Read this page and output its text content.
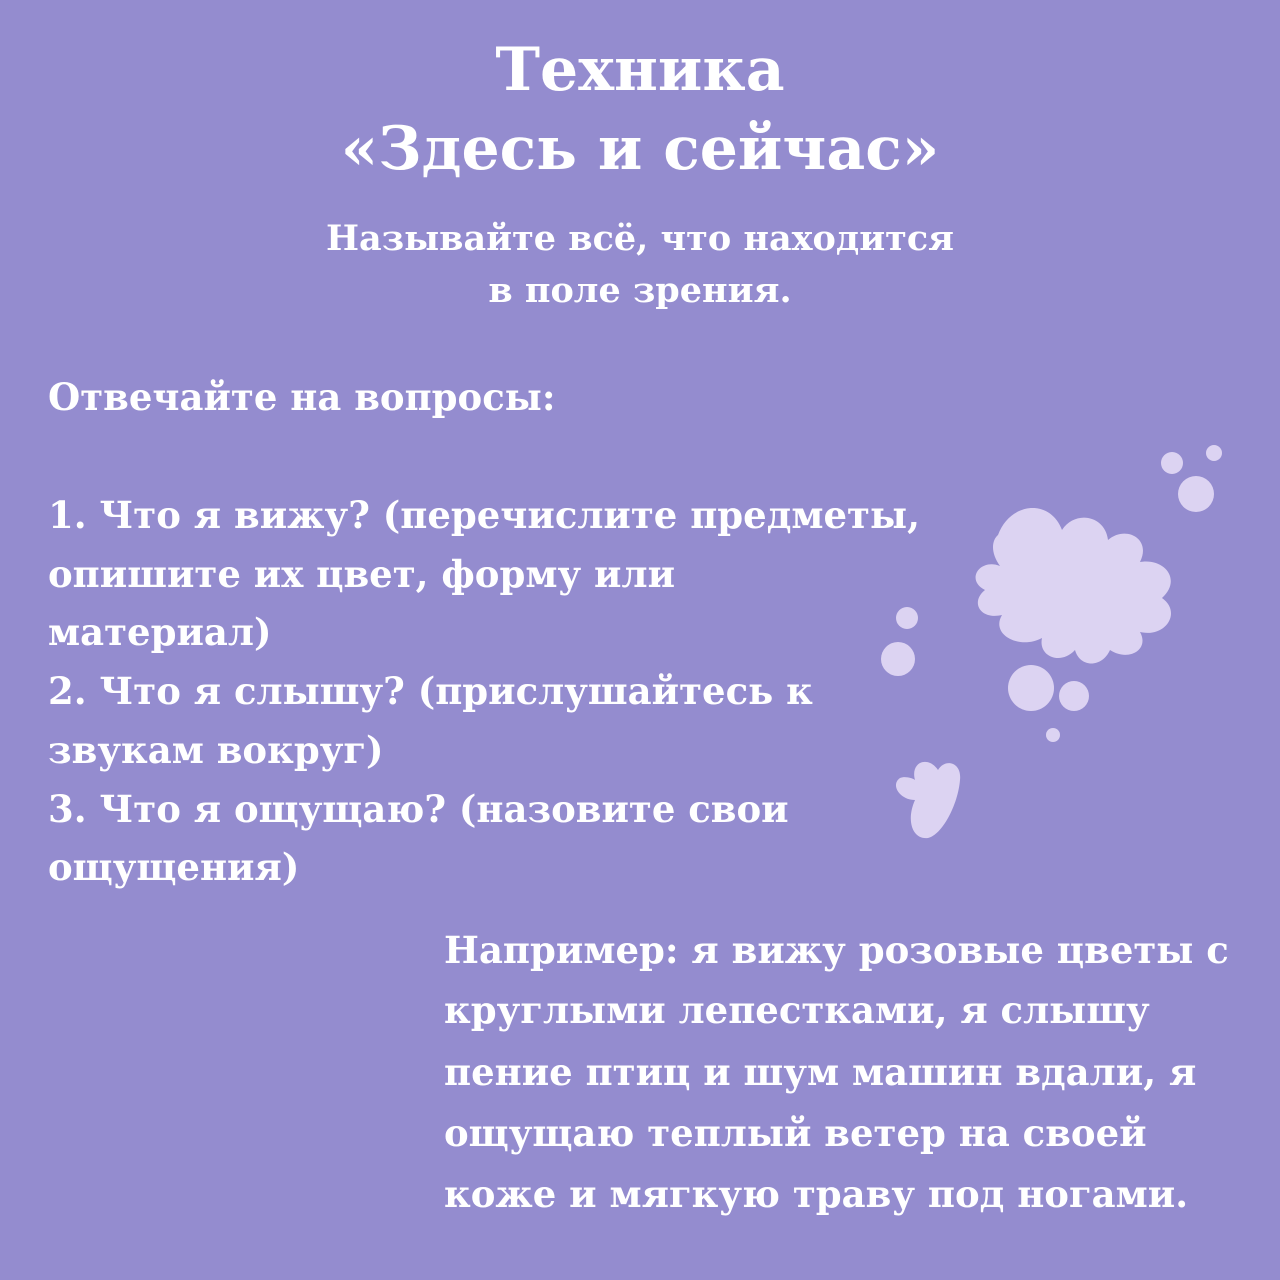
Техника
«Здесь и сейчас»

Называйте всё, что находится

в поле зрения.

Отвечайте на вопросы:

1. Что я вижу? (перечислите предметы,

опишите их цвет, форму или

материал)

2. Что я слышу? (прислушайтесь к

звукам вокруг)

3. Что я ощущаю? (назовите свои

ощущения)

Например: я вижу розовые цветы с

круглыми лепестками, я слышу

пение птиц и шум машин вдали, я

ощущаю теплый ветер на своей

коже и мягкую траву под ногами.
